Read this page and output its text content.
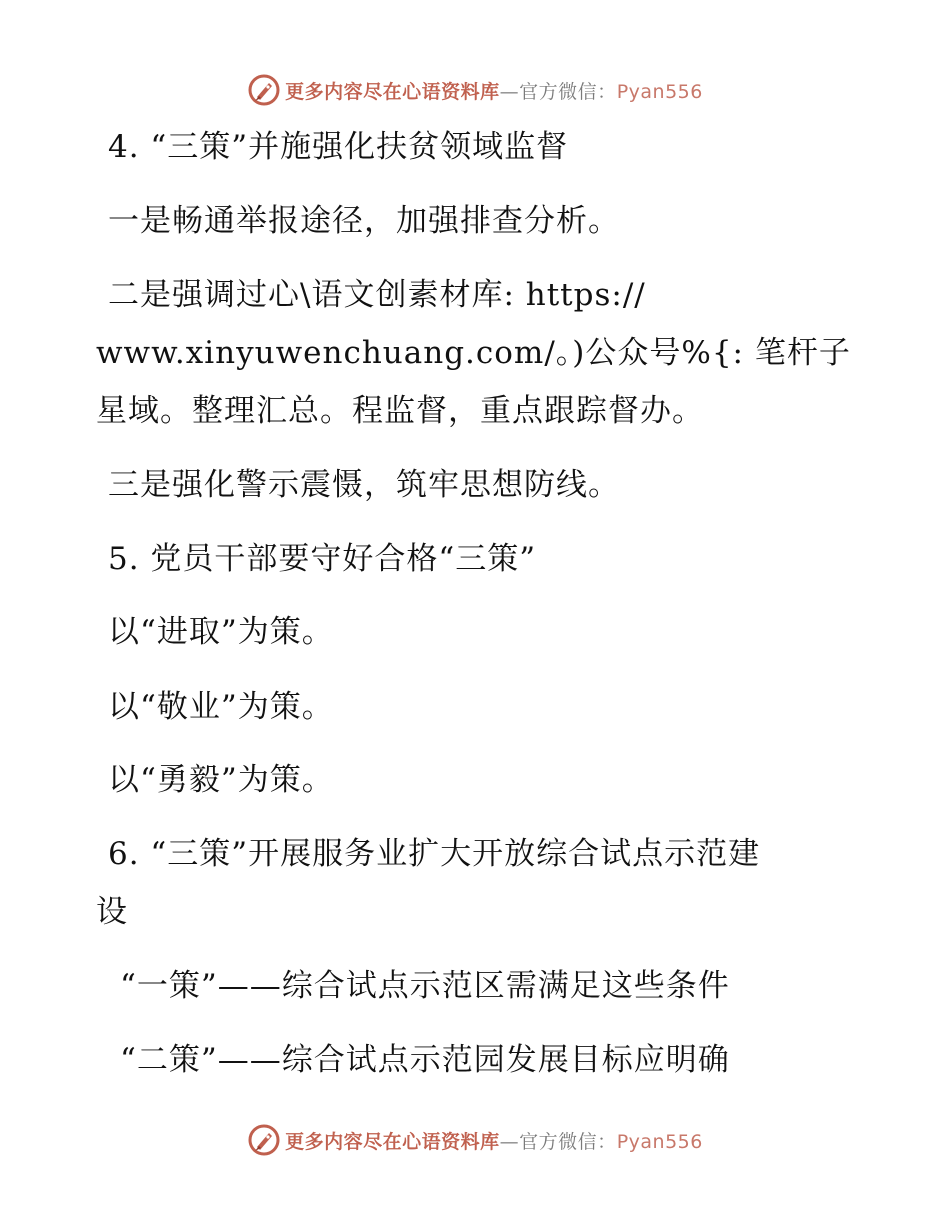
更多内容尽在心语资料库—官方微信：Pyan556
4. “三策”并施强化扶贫领域监督
一是畅通举报途径，加强排查分析。
二是强调过心\语文创素材库: https://
www.xinyuwenchuang.com/。)公众号%{: 笔杆子
星域。整理汇总。程监督，重点跟踪督办。
三是强化警示震慑，筑牢思想防线。
5. 党员干部要守好合格“三策”
以“进取”为策。
以“敬业”为策。
以“勇毅”为策。
6. “三策”开展服务业扩大开放综合试点示范建
设
“一策”——综合试点示范区需满足这些条件
“二策”——综合试点示范园发展目标应明确
更多内容尽在心语资料库—官方微信：Pyan556
